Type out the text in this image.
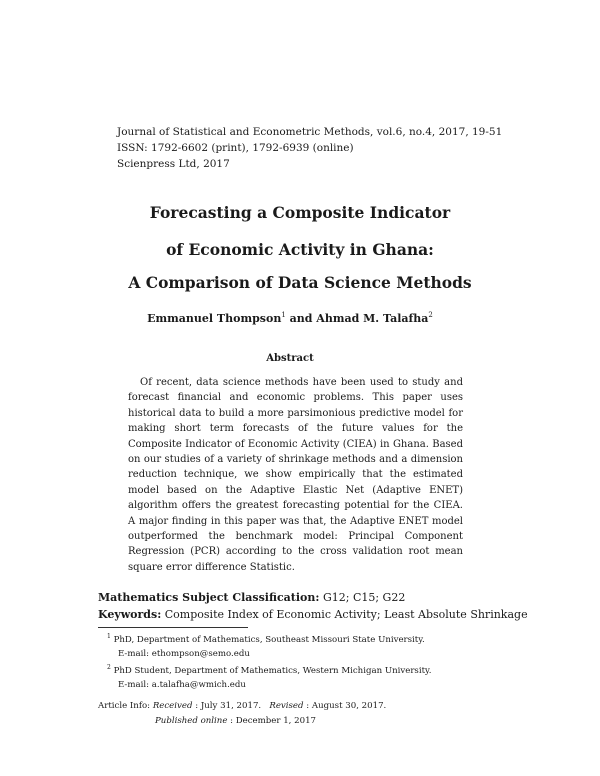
Journal of Statistical and Econometric Methods, vol.6, no.4, 2017, 19-51
ISSN: 1792-6602 (print), 1792-6939 (online)
Scienpress Ltd, 2017
Forecasting a Composite Indicator
of Economic Activity in Ghana:
A Comparison of Data Science Methods
Emmanuel Thompson$^1$ and Ahmad M. Talafha$^2$
Abstract
Of recent, data science methods have been used to study and forecast financial and economic problems. This paper uses historical data to build a more parsimonious predictive model for making short term forecasts of the future values for the Composite Indicator of Economic Activity (CIEA) in Ghana. Based on our studies of a variety of shrinkage methods and a dimension reduction technique, we show empirically that the estimated model based on the Adaptive Elastic Net (Adaptive ENET) algorithm offers the greatest forecasting potential for the CIEA. A major finding in this paper was that, the Adaptive ENET model outperformed the benchmark model: Principal Component Regression (PCR) according to the cross validation root mean square error difference Statistic.
Mathematics Subject Classification: G12; C15; G22
Keywords: Composite Index of Economic Activity; Least Absolute Shrinkage
$^1$ PhD, Department of Mathematics, Southeast Missouri State University.
E-mail: ethompson@semo.edu
$^2$ PhD Student, Department of Mathematics, Western Michigan University.
E-mail: a.talafha@wmich.edu
Article Info: Received : July 31, 2017. Revised : August 30, 2017.
Published online : December 1, 2017
